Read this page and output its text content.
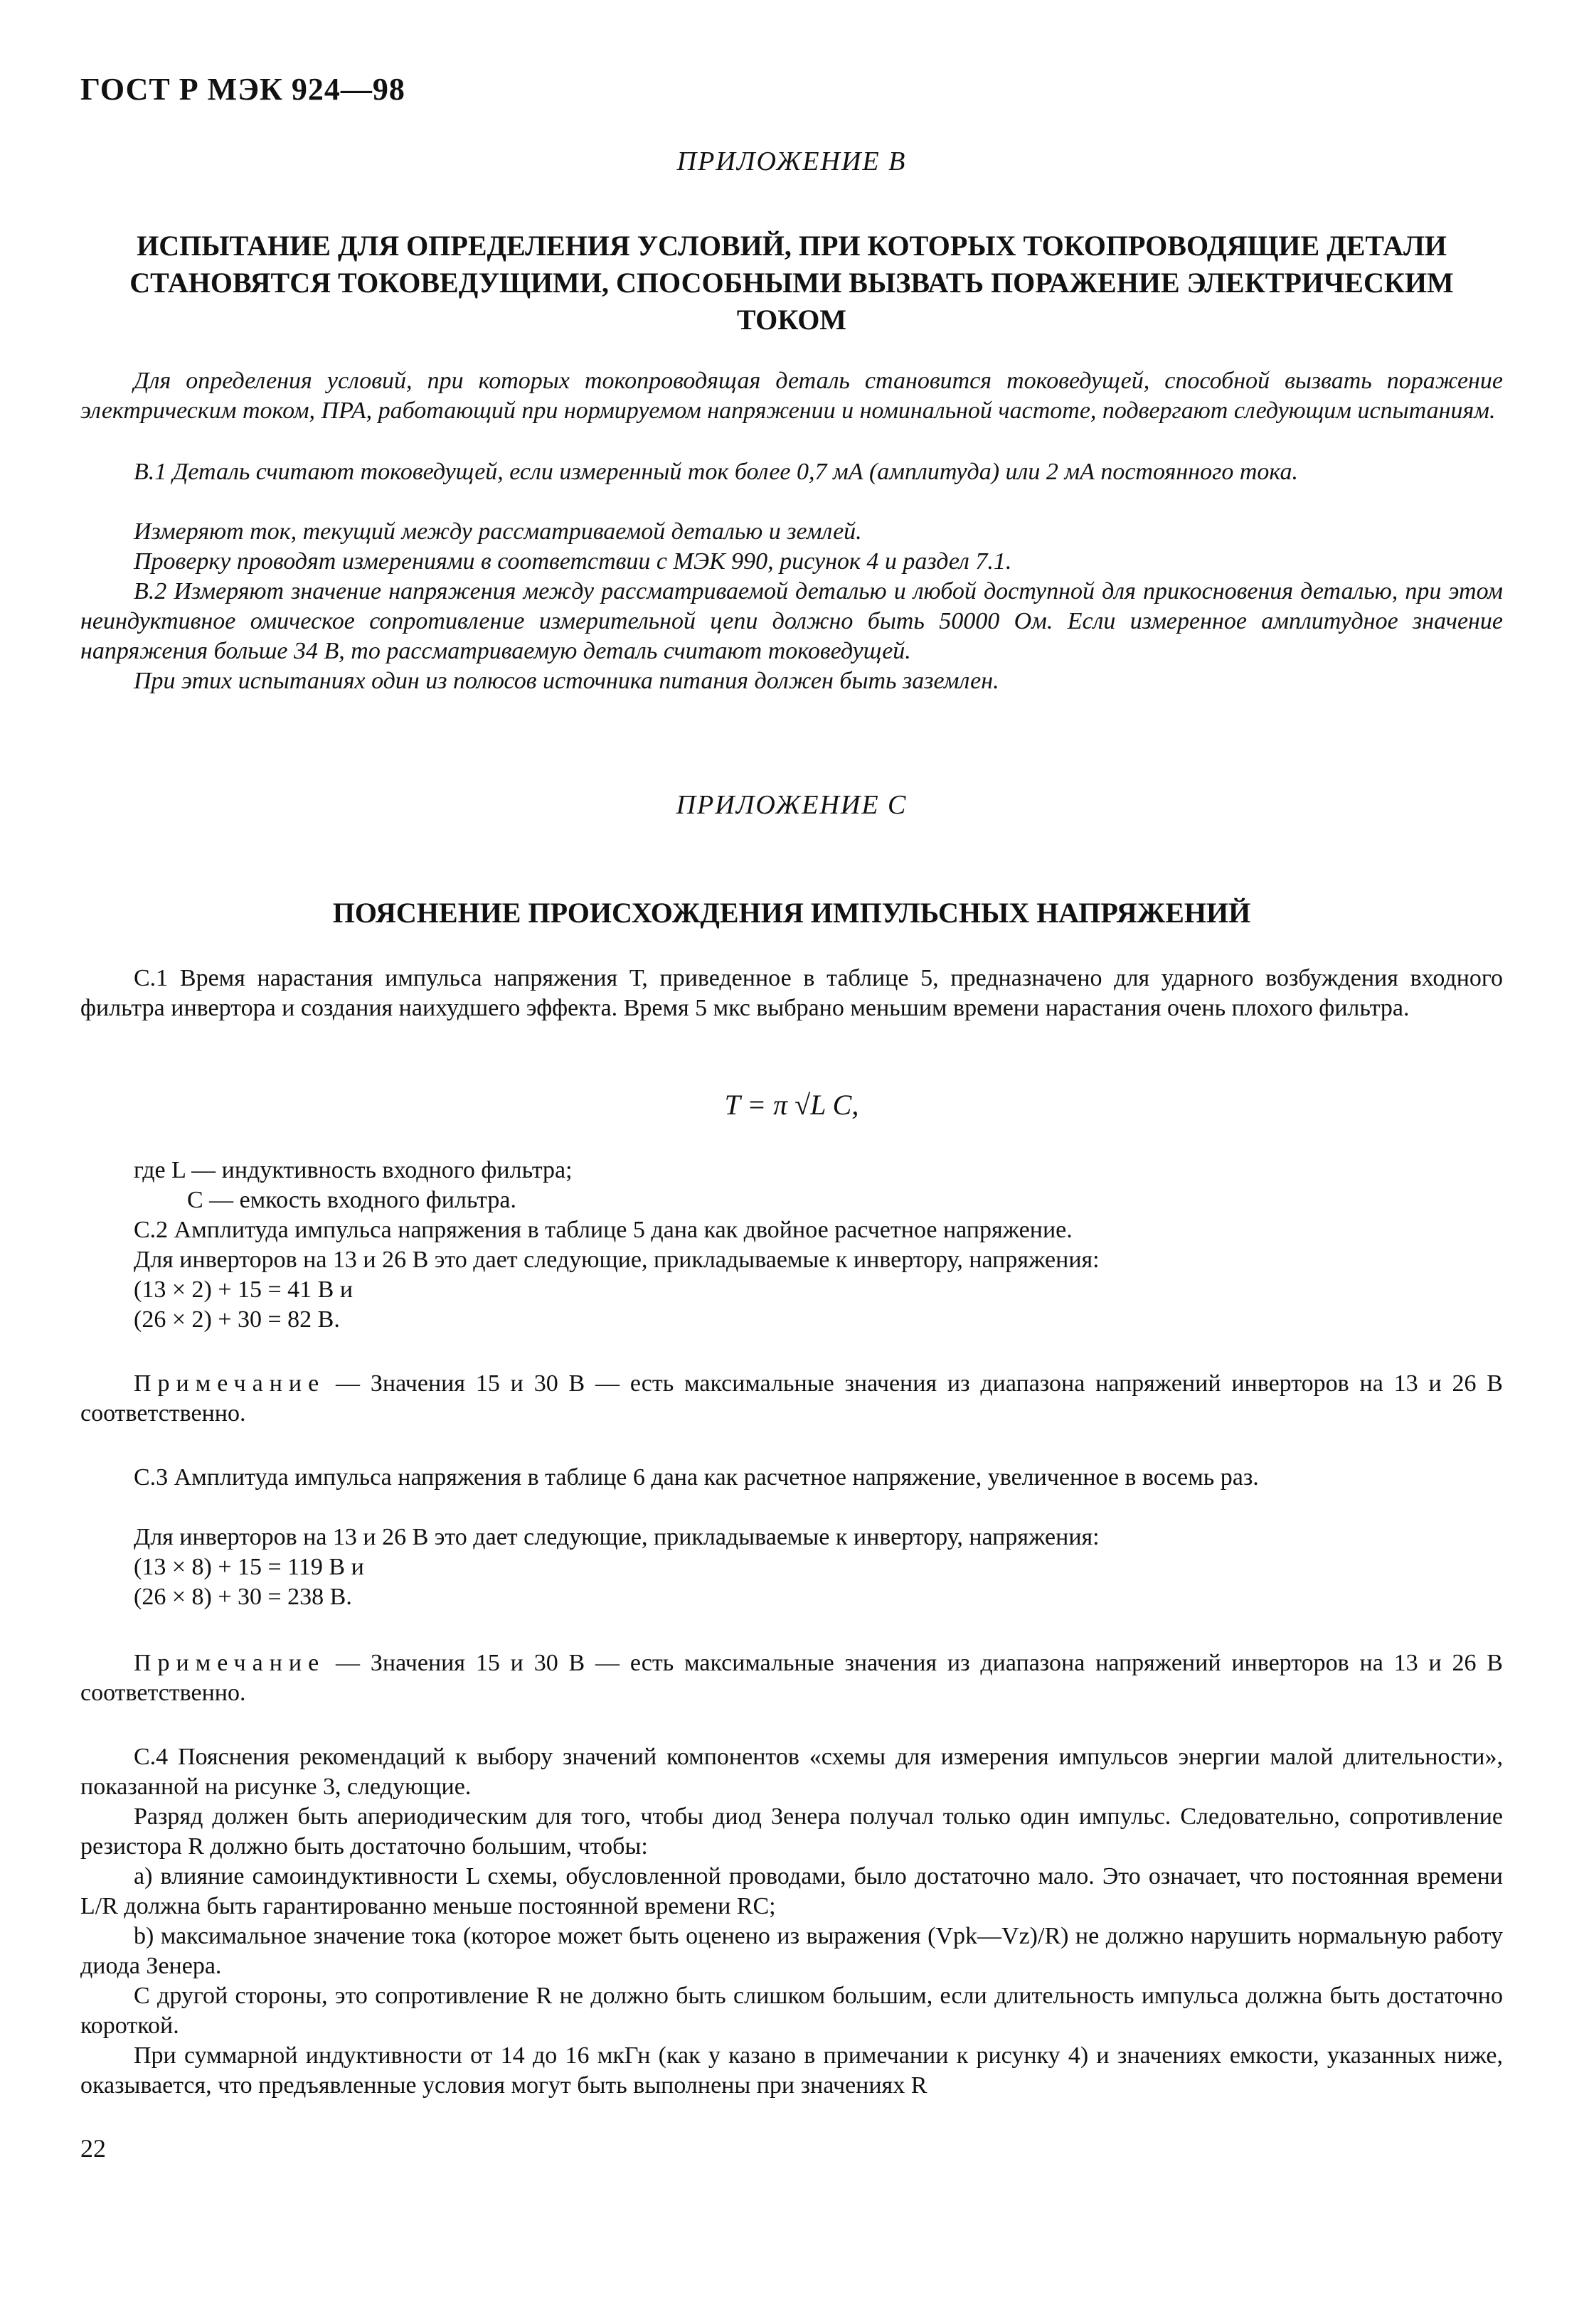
ГОСТ Р МЭК 924—98
ПРИЛОЖЕНИЕ В
ИСПЫТАНИЕ ДЛЯ ОПРЕДЕЛЕНИЯ УСЛОВИЙ, ПРИ КОТОРЫХ ТОКОПРОВОДЯЩИЕ ДЕТАЛИ
СТАНОВЯТСЯ ТОКОВЕДУЩИМИ, СПОСОБНЫМИ ВЫЗВАТЬ ПОРАЖЕНИЕ ЭЛЕКТРИЧЕСКИМ
ТОКОМ
Для определения условий, при которых токопроводящая деталь становится токоведущей, способной вызвать поражение электрическим током, ПРА, работающий при нормируемом напряжении и номинальной частоте, подвергают следующим испытаниям.
В.1 Деталь считают токоведущей, если измеренный ток более 0,7 мА (амплитуда) или 2 мА постоянного тока.
Измеряют ток, текущий между рассматриваемой деталью и землей.
Проверку проводят измерениями в соответствии с МЭК 990, рисунок 4 и раздел 7.1.
В.2 Измеряют значение напряжения между рассматриваемой деталью и любой доступной для прикосновения деталью, при этом неиндуктивное омическое сопротивление измерительной цепи должно быть 50000 Ом. Если измеренное амплитудное значение напряжения больше 34 В, то рассматриваемую деталь считают токоведущей.
При этих испытаниях один из полюсов источника питания должен быть заземлен.
ПРИЛОЖЕНИЕ С
ПОЯСНЕНИЕ ПРОИСХОЖДЕНИЯ ИМПУЛЬСНЫХ НАПРЯЖЕНИЙ
С.1 Время нарастания импульса напряжения Т, приведенное в таблице 5, предназначено для ударного возбуждения входного фильтра инвертора и создания наихудшего эффекта. Время 5 мкс выбрано меньшим времени нарастания очень плохого фильтра.
T = π √L C,
где L — индуктивность входного фильтра;
C — емкость входного фильтра.
С.2 Амплитуда импульса напряжения в таблице 5 дана как двойное расчетное напряжение.
Для инверторов на 13 и 26 В это дает следующие, прикладываемые к инвертору, напряжения:
(13 × 2) + 15 = 41 В и
(26 × 2) + 30 = 82 В.
Примечание — Значения 15 и 30 В — есть максимальные значения из диапазона напряжений инверторов на 13 и 26 В соответственно.
С.3 Амплитуда импульса напряжения в таблице 6 дана как расчетное напряжение, увеличенное в восемь раз.
Для инверторов на 13 и 26 В это дает следующие, прикладываемые к инвертору, напряжения:
(13 × 8) + 15 = 119 В и
(26 × 8) + 30 = 238 В.
Примечание — Значения 15 и 30 В — есть максимальные значения из диапазона напряжений инверторов на 13 и 26 В соответственно.
С.4 Пояснения рекомендаций к выбору значений компонентов «схемы для измерения импульсов энергии малой длительности», показанной на рисунке 3, следующие.
Разряд должен быть апериодическим для того, чтобы диод Зенера получал только один импульс. Следовательно, сопротивление резистора R должно быть достаточно большим, чтобы:
а) влияние самоиндуктивности L схемы, обусловленной проводами, было достаточно мало. Это означает, что постоянная времени L/R должна быть гарантированно меньше постоянной времени RC;
b) максимальное значение тока (которое может быть оценено из выражения (Vpk—Vz)/R) не должно нарушить нормальную работу диода Зенера.
С другой стороны, это сопротивление R не должно быть слишком большим, если длительность импульса должна быть достаточно короткой.
При суммарной индуктивности от 14 до 16 мкГн (как у казано в примечании к рисунку 4) и значениях емкости, указанных ниже, оказывается, что предъявленные условия могут быть выполнены при значениях R
22
